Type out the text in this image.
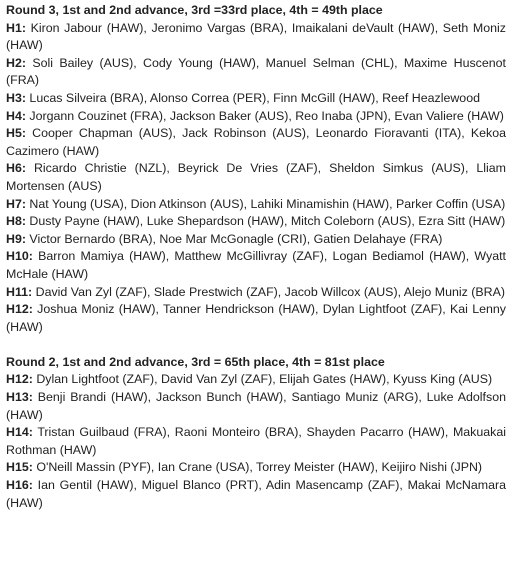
Round 3, 1st and 2nd advance, 3rd =33rd place, 4th = 49th place

H1: Kiron Jabour (HAW), Jeronimo Vargas (BRA), Imaikalani deVault (HAW), Seth Moniz (HAW)

H2: Soli Bailey (AUS), Cody Young (HAW), Manuel Selman (CHL), Maxime Huscenot (FRA)

H3: Lucas Silveira (BRA), Alonso Correa (PER), Finn McGill (HAW), Reef Heazlewood

H4: Jorgann Couzinet (FRA), Jackson Baker (AUS), Reo Inaba (JPN), Evan Valiere (HAW)

H5: Cooper Chapman (AUS), Jack Robinson (AUS), Leonardo Fioravanti (ITA), Kekoa Cazimero (HAW)

H6: Ricardo Christie (NZL), Beyrick De Vries (ZAF), Sheldon Simkus (AUS), Lliam Mortensen (AUS)

H7: Nat Young (USA), Dion Atkinson (AUS), Lahiki Minamishin (HAW), Parker Coffin (USA)

H8: Dusty Payne (HAW), Luke Shepardson (HAW), Mitch Coleborn (AUS), Ezra Sitt (HAW)

H9: Victor Bernardo (BRA), Noe Mar McGonagle (CRI), Gatien Delahaye (FRA)

H10: Barron Mamiya (HAW), Matthew McGillivray (ZAF), Logan Bediamol (HAW), Wyatt McHale (HAW)

H11: David Van Zyl (ZAF), Slade Prestwich (ZAF), Jacob Willcox (AUS), Alejo Muniz (BRA)

H12: Joshua Moniz (HAW), Tanner Hendrickson (HAW), Dylan Lightfoot (ZAF), Kai Lenny (HAW)

Round 2, 1st and 2nd advance, 3rd = 65th place, 4th = 81st place

H12: Dylan Lightfoot (ZAF), David Van Zyl (ZAF), Elijah Gates (HAW), Kyuss King (AUS)

H13: Benji Brandi (HAW), Jackson Bunch (HAW), Santiago Muniz (ARG), Luke Adolfson (HAW)

H14: Tristan Guilbaud (FRA), Raoni Monteiro (BRA), Shayden Pacarro (HAW), Makuakai Rothman (HAW)

H15: O'Neill Massin (PYF), Ian Crane (USA), Torrey Meister (HAW), Keijiro Nishi (JPN)

H16: Ian Gentil (HAW), Miguel Blanco (PRT), Adin Masencamp (ZAF), Makai McNamara (HAW)
